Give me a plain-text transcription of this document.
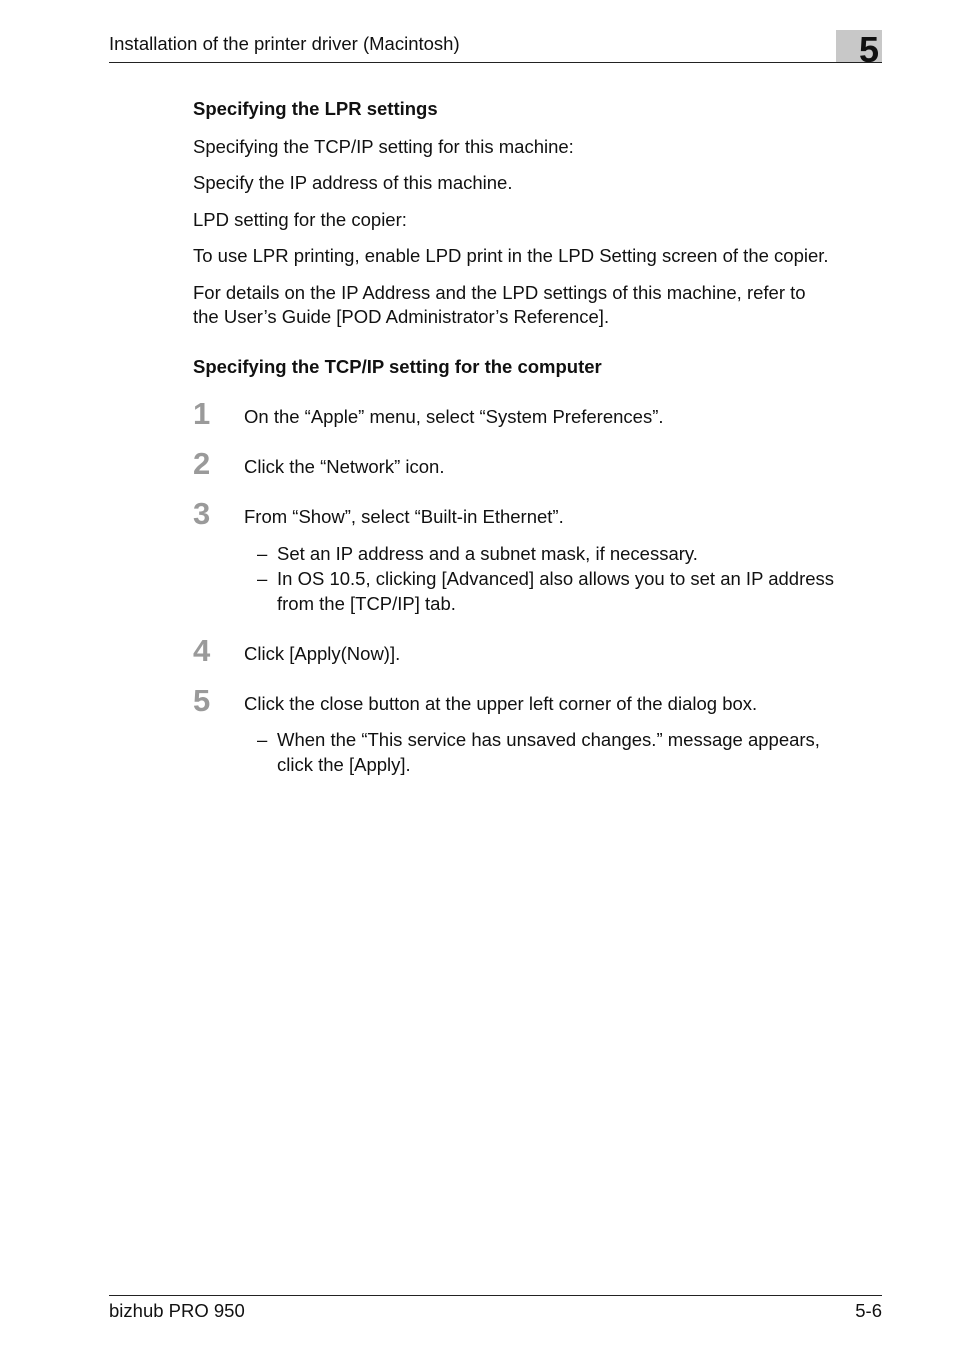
Installation of the printer driver (Macintosh)	5
Specifying the LPR settings
Specifying the TCP/IP setting for this machine:
Specify the IP address of this machine.
LPD setting for the copier:
To use LPR printing, enable LPD print in the LPD Setting screen of the copier.
For details on the IP Address and the LPD settings of this machine, refer to
the User’s Guide [POD Administrator’s Reference].
Specifying the TCP/IP setting for the computer
1 On the “Apple” menu, select “System Preferences”.
2 Click the “Network” icon.
3 From “Show”, select “Built-in Ethernet”.
– Set an IP address and a subnet mask, if necessary.
– In OS 10.5, clicking [Advanced] also allows you to set an IP address
from the [TCP/IP] tab.
4 Click [Apply(Now)].
5 Click the close button at the upper left corner of the dialog box.
– When the “This service has unsaved changes.” message appears,
click the [Apply].
bizhub PRO 950	5-6
